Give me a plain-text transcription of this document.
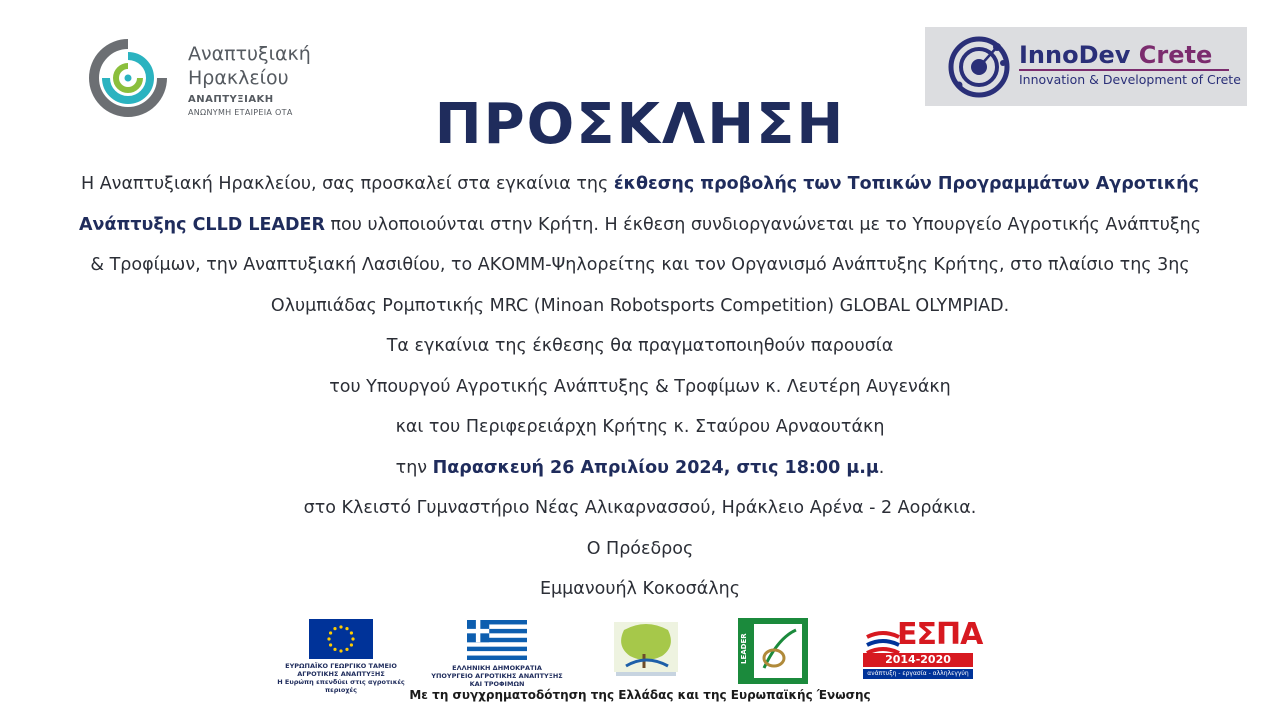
Αναπτυξιακή
Ηρακλείου
ΑΝΑΠΤΥΞΙΑΚΗ
ΑΝΩΝΥΜΗ ΕΤΑΙΡΕΙΑ ΟΤΑ
InnoDev Crete
Innovation & Development of Crete
ΠΡΟΣΚΛΗΣΗ

Η Αναπτυξιακή Ηρακλείου, σας προσκαλεί στα εγκαίνια της έκθεσης προβολής των Τοπικών Προγραμμάτων Αγροτικής

Ανάπτυξης CLLD LEADER που υλοποιούνται στην Κρήτη. Η έκθεση συνδιοργανώνεται με το Υπουργείο Αγροτικής Ανάπτυξης

& Τροφίμων, την Αναπτυξιακή Λασιθίου, το ΑΚΟΜΜ-Ψηλορείτης και τον Οργανισμό Ανάπτυξης Κρήτης, στο πλαίσιο της 3ης

Ολυμπιάδας Ρομποτικής MRC (Minoan Robotsports Competition) GLOBAL OLYMPIAD.

Τα εγκαίνια της έκθεσης θα πραγματοποιηθούν παρουσία

του Υπουργού Αγροτικής Ανάπτυξης & Τροφίμων κ. Λευτέρη Αυγενάκη

και του Περιφερειάρχη Κρήτης κ. Σταύρου Αρναουτάκη

την Παρασκευή 26 Απριλίου 2024, στις 18:00 μ.μ.

στο Κλειστό Γυμναστήριο Νέας Αλικαρνασσού, Ηράκλειο Αρένα - 2 Αοράκια.

Ο Πρόεδρος

Εμμανουήλ Κοκοσάλης

ΕΥΡΩΠΑΪΚΟ ΓΕΩΡΓΙΚΟ ΤΑΜΕΙΟ ΑΓΡΟΤΙΚΗΣ ΑΝΑΠΤΥΞΗΣ
Η Ευρώπη επενδύει στις αγροτικές περιοχές
ΕΛΛΗΝΙΚΗ ΔΗΜΟΚΡΑΤΙΑ
ΥΠΟΥΡΓΕΙΟ ΑΓΡΟΤΙΚΗΣ ΑΝΑΠΤΥΞΗΣ ΚΑΙ ΤΡΟΦΙΜΩΝ
LEADER	ΕΣΠΑ
2014-2020
ανάπτυξη - εργασία - αλληλεγγύη
Με τη συγχρηματοδότηση της Ελλάδας και της Ευρωπαϊκής Ένωσης
